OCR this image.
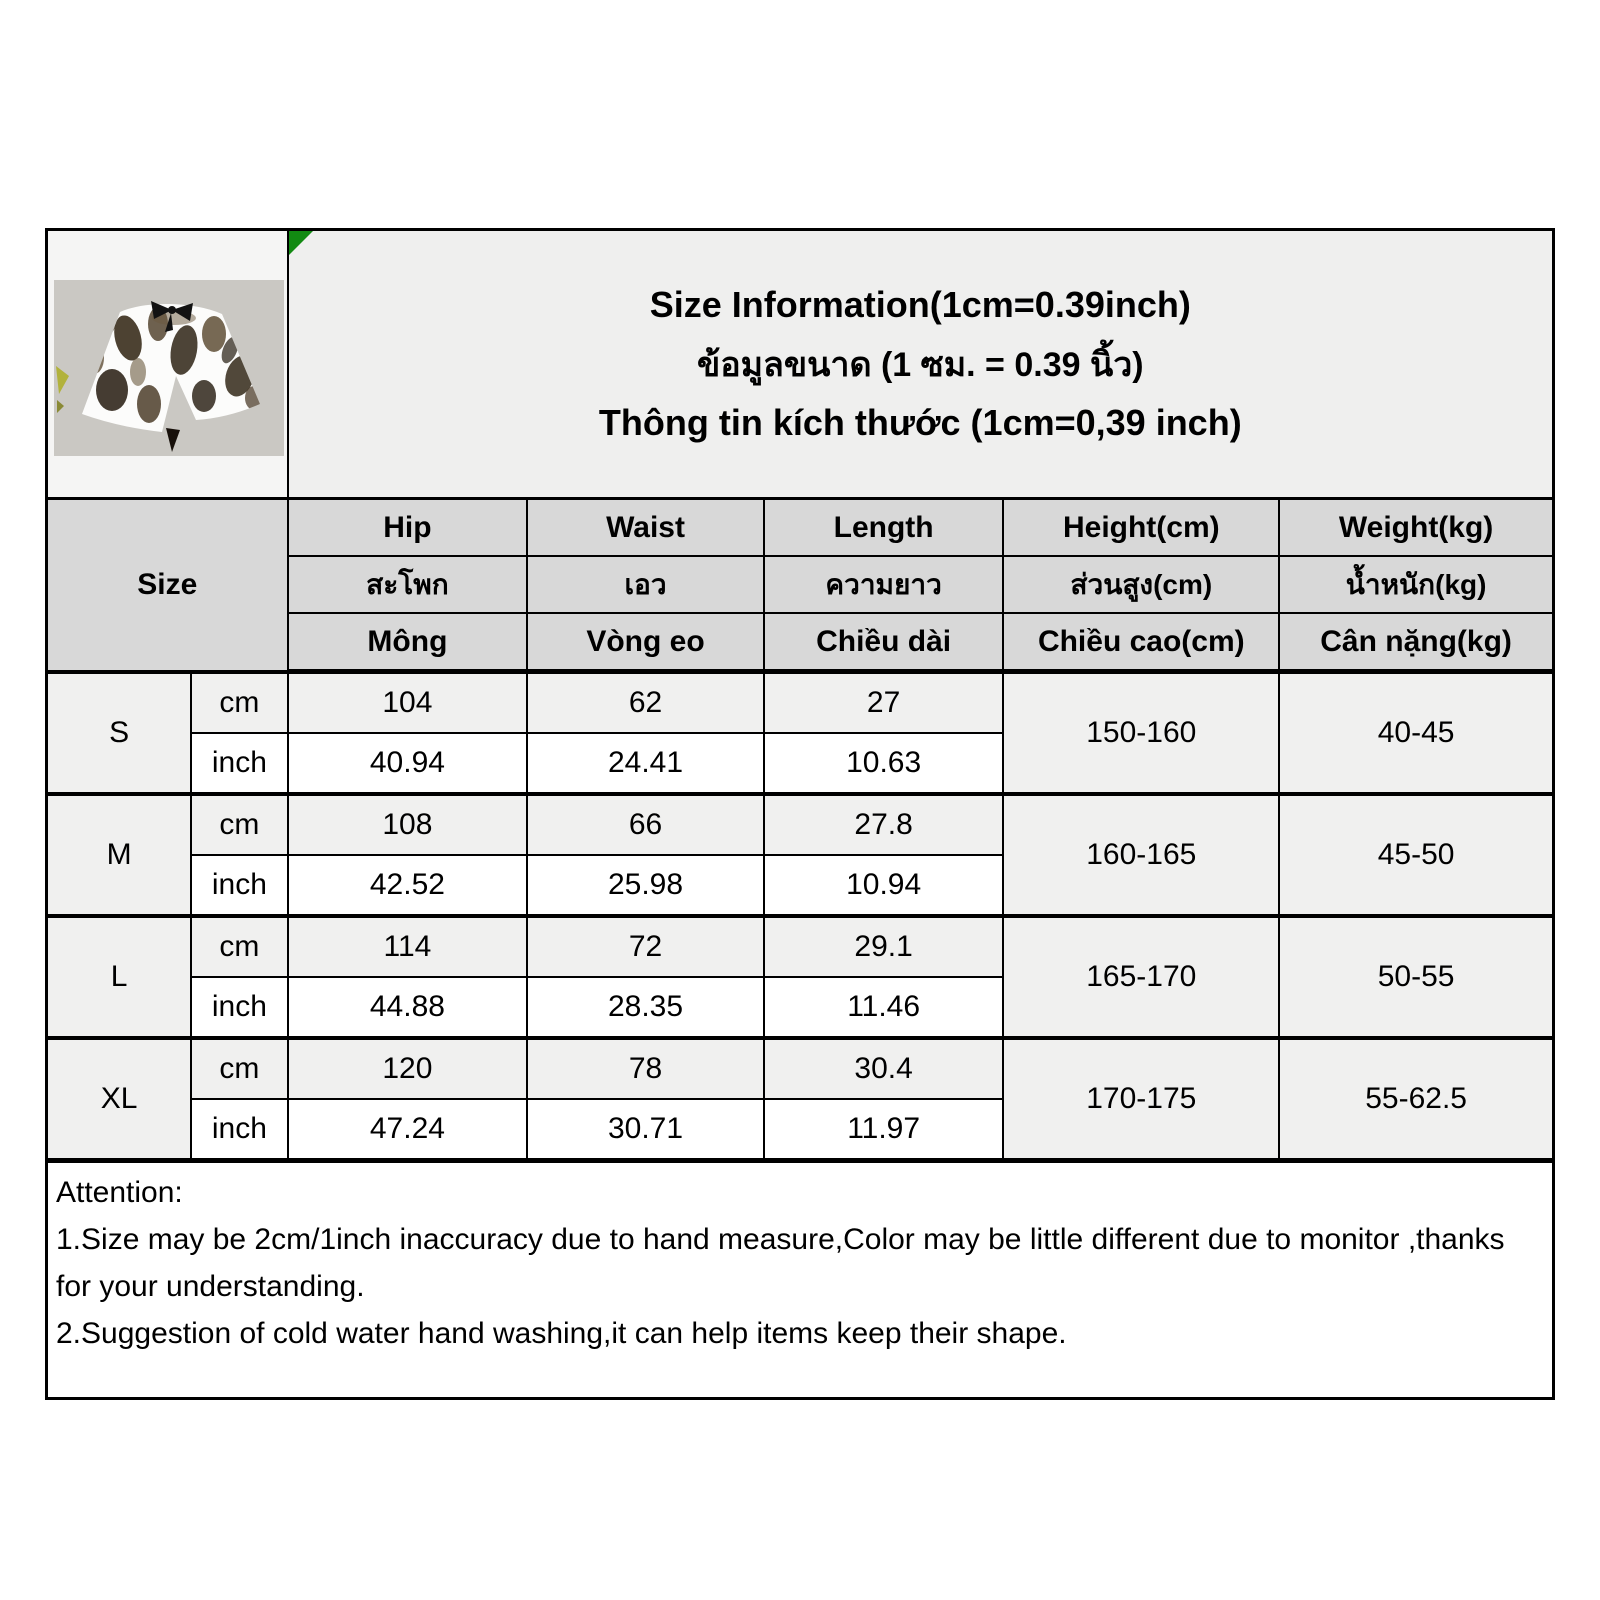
Size Information(1cm=0.39inch)
ข้อมูลขนาด (1 ซม. = 0.39 นิ้ว)
Thông tin kích thước (1cm=0,39 inch)				

Size		Hip	Waist	Length	Height(cm)	Weight(kg)
		สะโพก	เอว	ความยาว	ส่วนสูง(cm)	น้ำหนัก(kg)
		Mông	Vòng eo	Chiều dài	Chiều cao(cm)	Cân nặng(kg)
S	cm	104	62	27	150-160	40-45
	inch	40.94	24.41	10.63		
M	cm	108	66	27.8	160-165	45-50
	inch	42.52	25.98	10.94		
L	cm	114	72	29.1	165-170	50-55
	inch	44.88	28.35	11.46		
XL	cm	120	78	30.4	170-175	55-62.5
	inch	47.24	30.71	11.97		

Attention:
1.Size may be 2cm/1inch inaccuracy due to hand measure,Color may be little different due to monitor ,thanks for your understanding.
2.Suggestion of cold water hand washing,it can help items keep their shape.						
